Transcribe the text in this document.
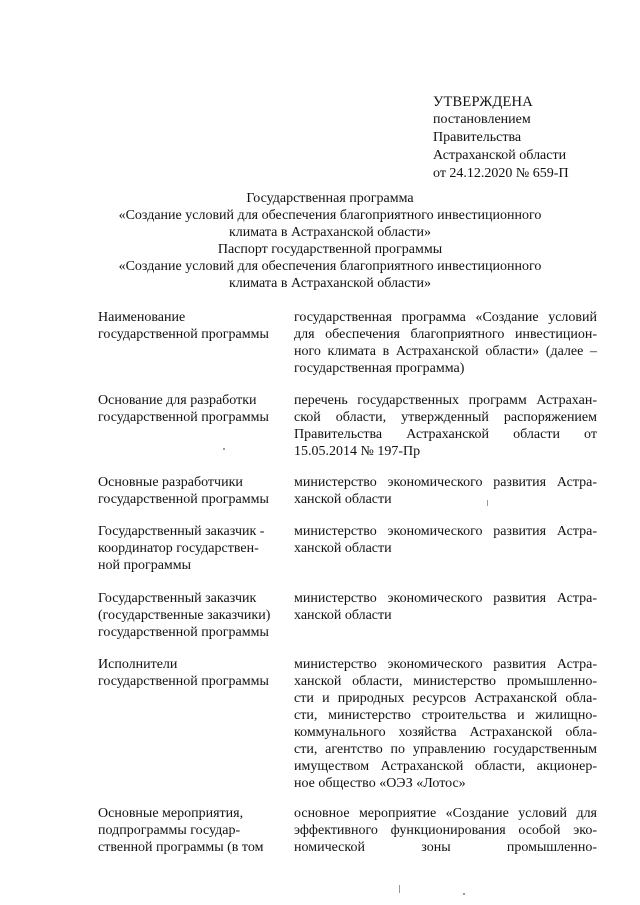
УТВЕРЖДЕНА
постановлением
Правительства
Астраханской области
от 24.12.2020 № 659-П
Государственная программа
«Создание условий для обеспечения благоприятного инвестиционного
климата в Астраханской области»
Паспорт государственной программы
«Создание условий для обеспечения благоприятного инвестиционного
климата в Астраханской области»
Наименование
государственной программы
государственная программа «Создание условий
для обеспечения благоприятного инвестицион-
ного климата в Астраханской области» (далее –
государственная программа)
Основание для разработки
государственной программы
перечень государственных программ Астрахан-
ской области, утвержденный распоряжением
Правительства Астраханской области от
15.05.2014 № 197-Пр
Основные разработчики
государственной программы
министерство экономического развития Астра-
ханской области
Государственный заказчик -
координатор государствен-
ной программы
министерство экономического развития Астра-
ханской области
Государственный заказчик
(государственные заказчики)
государственной программы
министерство экономического развития Астра-
ханской области
Исполнители
государственной программы
министерство экономического развития Астра-
ханской области, министерство промышленно-
сти и природных ресурсов Астраханской обла-
сти, министерство строительства и жилищно-
коммунального хозяйства Астраханской обла-
сти, агентство по управлению государственным
имуществом Астраханской области, акционер-
ное общество «ОЭЗ «Лотос»
Основные мероприятия,
подпрограммы государ-
ственной программы (в том
основное мероприятие «Создание условий для
эффективного функционирования особой эко-
номической зоны промышленно-
